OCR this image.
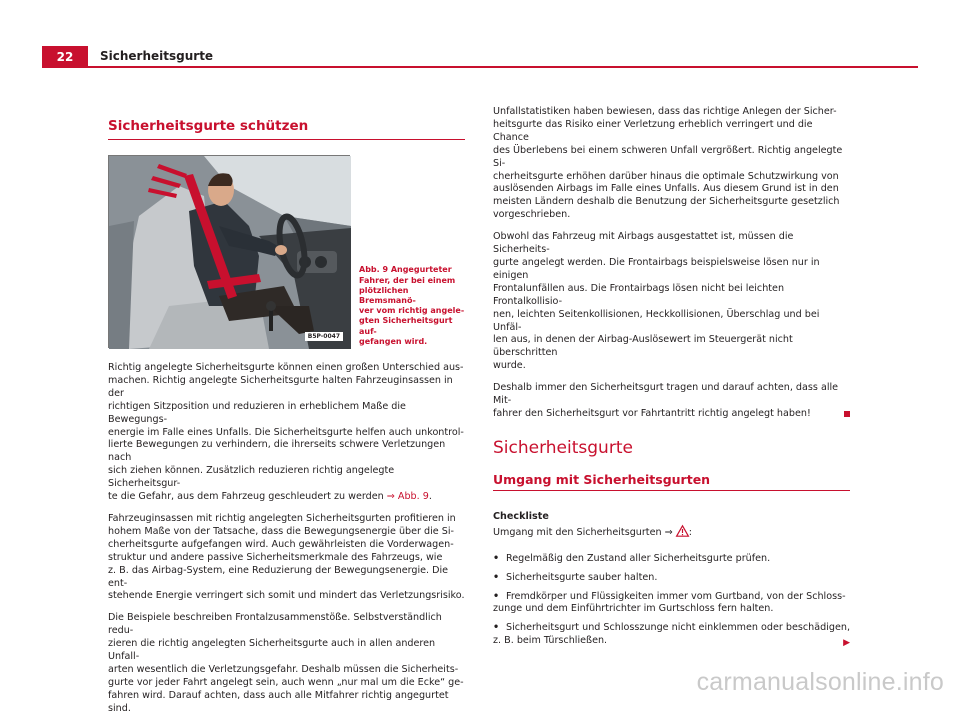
22	Sicherheitsgurte
Sicherheitsgurte schützen
B5P-0047
Abb. 9 Angegurteter
Fahrer, der bei einem
plötzlichen Bremsmanö-
ver vom richtig angele-
gten Sicherheitsgurt auf-
gefangen wird.

Richtig angelegte Sicherheitsgurte können einen großen Unterschied aus-
machen. Richtig angelegte Sicherheitsgurte halten Fahrzeuginsassen in der
richtigen Sitzposition und reduzieren in erheblichem Maße die Bewegungs-
energie im Falle eines Unfalls. Die Sicherheitsgurte helfen auch unkontrol-
lierte Bewegungen zu verhindern, die ihrerseits schwere Verletzungen nach
sich ziehen können. Zusätzlich reduzieren richtig angelegte Sicherheitsgur-
te die Gefahr, aus dem Fahrzeug geschleudert zu werden ⇒ Abb. 9.

Fahrzeuginsassen mit richtig angelegten Sicherheitsgurten profitieren in
hohem Maße von der Tatsache, dass die Bewegungsenergie über die Si-
cherheitsgurte aufgefangen wird. Auch gewährleisten die Vorderwagen-
struktur und andere passive Sicherheitsmerkmale des Fahrzeugs, wie
z. B. das Airbag-System, eine Reduzierung der Bewegungsenergie. Die ent-
stehende Energie verringert sich somit und mindert das Verletzungsrisiko.

Die Beispiele beschreiben Frontalzusammenstöße. Selbstverständlich redu-
zieren die richtig angelegten Sicherheitsgurte auch in allen anderen Unfall-
arten wesentlich die Verletzungsgefahr. Deshalb müssen die Sicherheits-
gurte vor jeder Fahrt angelegt sein, auch wenn „nur mal um die Ecke“ ge-
fahren wird. Darauf achten, dass auch alle Mitfahrer richtig angegurtet sind.

Unfallstatistiken haben bewiesen, dass das richtige Anlegen der Sicher-
heitsgurte das Risiko einer Verletzung erheblich verringert und die Chance
des Überlebens bei einem schweren Unfall vergrößert. Richtig angelegte Si-
cherheitsgurte erhöhen darüber hinaus die optimale Schutzwirkung von
auslösenden Airbags im Falle eines Unfalls. Aus diesem Grund ist in den
meisten Ländern deshalb die Benutzung der Sicherheitsgurte gesetzlich
vorgeschrieben.

Obwohl das Fahrzeug mit Airbags ausgestattet ist, müssen die Sicherheits-
gurte angelegt werden. Die Frontairbags beispielsweise lösen nur in einigen
Frontalunfällen aus. Die Frontairbags lösen nicht bei leichten Frontalkollisio-
nen, leichten Seitenkollisionen, Heckkollisionen, Überschlag und bei Unfäl-
len aus, in denen der Airbag-Auslösewert im Steuergerät nicht überschritten
wurde.

Deshalb immer den Sicherheitsgurt tragen und darauf achten, dass alle Mit-
fahrer den Sicherheitsgurt vor Fahrtantritt richtig angelegt haben!

Sicherheitsgurte
Umgang mit Sicherheitsgurten
Checkliste
Umgang mit den Sicherheitsgurten ⇒ :
• Regelmäßig den Zustand aller Sicherheitsgurte prüfen.
• Sicherheitsgurte sauber halten.
• Fremdkörper und Flüssigkeiten immer vom Gurtband, von der Schloss-
zunge und dem Einführtrichter im Gurtschloss fern halten.
• Sicherheitsgurt und Schlosszunge nicht einklemmen oder beschädigen,
z. B. beim Türschließen.	▶
carmanualsonline.info
